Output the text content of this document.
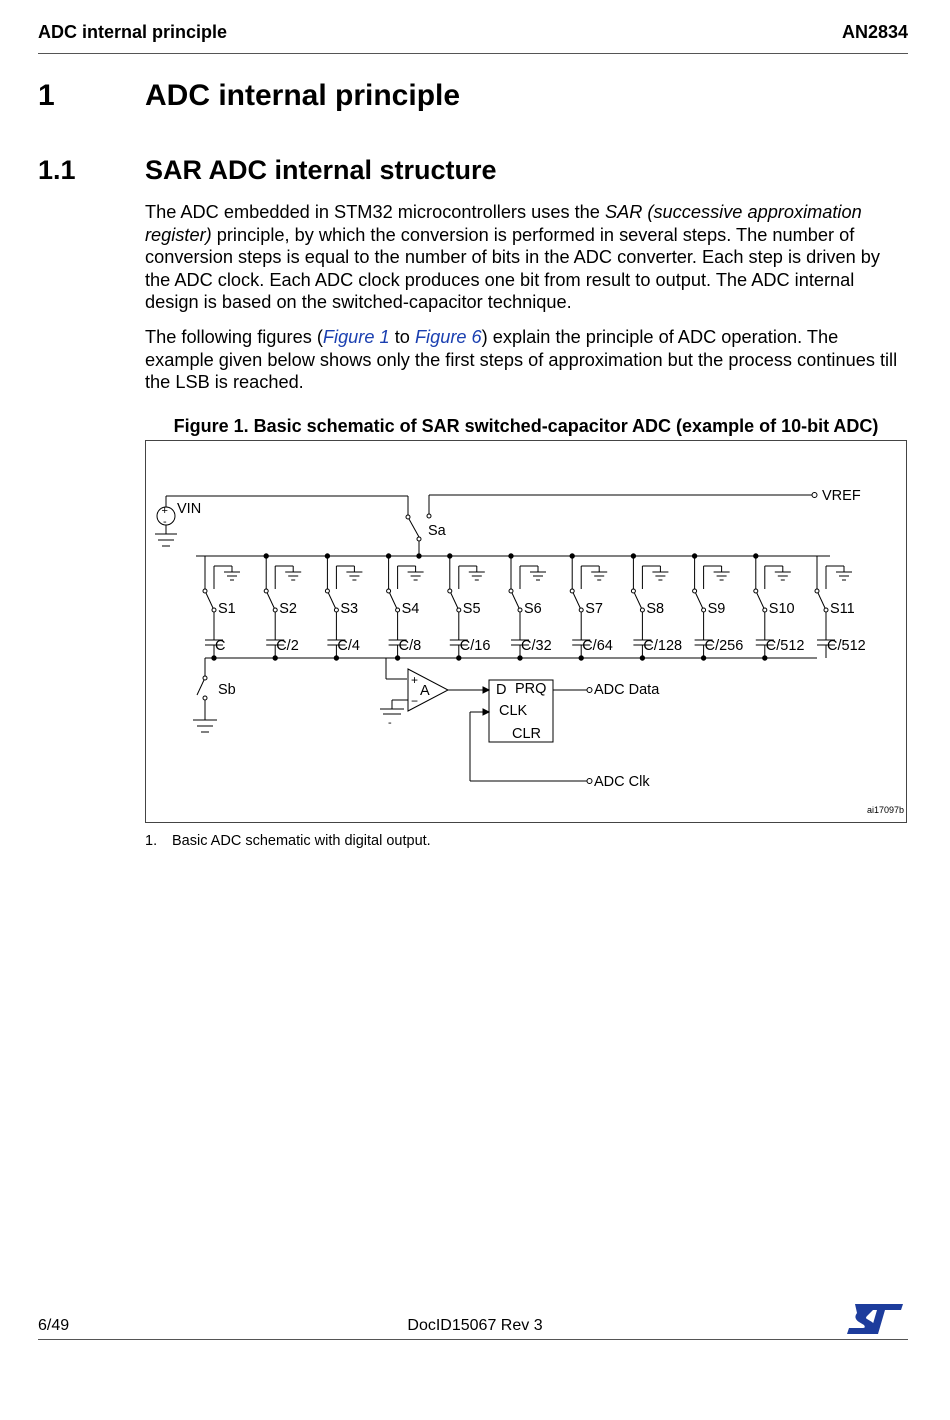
ADC internal principle	AN2834
1	ADC internal principle
1.1	SAR ADC internal structure
The ADC embedded in STM32 microcontrollers uses the SAR (successive approximation register) principle, by which the conversion is performed in several steps. The number of conversion steps is equal to the number of bits in the ADC converter. Each step is driven by the ADC clock. Each ADC clock produces one bit from result to output. The ADC internal design is based on the switched-capacitor technique.
The following figures (Figure 1 to Figure 6) explain the principle of ADC operation. The example given below shows only the first steps of approximation but the process continues till the LSB is reached.
Figure 1. Basic schematic of SAR switched-capacitor ADC (example of 10-bit ADC)
+
-
VIN
VREF
Sa
S1
C
S2
C/2
S3
C/4
S4
C/8
S5
C/16
S6
C/32
S7
C/64
S8
C/128
S9
C/256
S10
C/512
S11
C/512
Sb
+
−
A
-
D PRQ
CLK
CLR
ADC Data
ADC Clk
ai17097b
1. Basic ADC schematic with digital output.
6/49	DocID15067 Rev 3
